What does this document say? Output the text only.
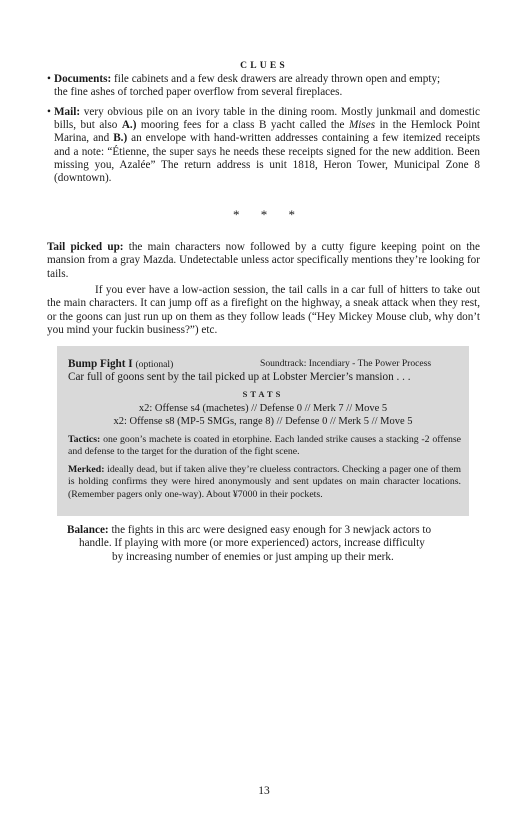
CLUES
• Documents: file cabinets and a few desk drawers are already thrown open and empty;
the fine ashes of torched paper overflow from several fireplaces.
• Mail: very obvious pile on an ivory table in the dining room. Mostly junkmail and domestic bills, but also A.) mooring fees for a class B yacht called the Mises in the Hemlock Point Marina, and B.) an envelope with hand-written addresses containing a few itemized receipts and a note: “Étienne, the super says he needs these receipts signed for the new addition. Been missing you, Azalée” The return address is unit 1818, Heron Tower, Municipal Zone 8 (downtown).
* * *
Tail picked up: the main characters now followed by a cutty figure keeping point on the mansion from a gray Mazda. Undetectable unless actor specifically mentions they’re looking for tails.
If you ever have a low-action session, the tail calls in a car full of hitters to take out the main characters. It can jump off as a firefight on the highway, a sneak attack when they rest, or the goons can just run up on them as they follow leads (“Hey Mickey Mouse club, why don’t you mind your fuckin business?”) etc.
Bump Fight I (optional)	Soundtrack: Incendiary - The Power Process
Car full of goons sent by the tail picked up at Lobster Mercier’s mansion . . .
STATS
x2: Offense s4 (machetes) // Defense 0 // Merk 7 // Move 5
x2: Offense s8 (MP-5 SMGs, range 8) // Defense 0 // Merk 5 // Move 5
Tactics: one goon’s machete is coated in etorphine. Each landed strike causes a stacking -2 offense and defense to the target for the duration of the fight scene.
Merked: ideally dead, but if taken alive they’re clueless contractors. Checking a pager one of them is holding confirms they were hired anonymously and sent updates on main character locations. (Remember pagers only one-way). About ¥7000 in their pockets.
Balance: the fights in this arc were designed easy enough for 3 newjack actors to
handle. If playing with more (or more experienced) actors, increase difficulty
by increasing number of enemies or just amping up their merk.
13
